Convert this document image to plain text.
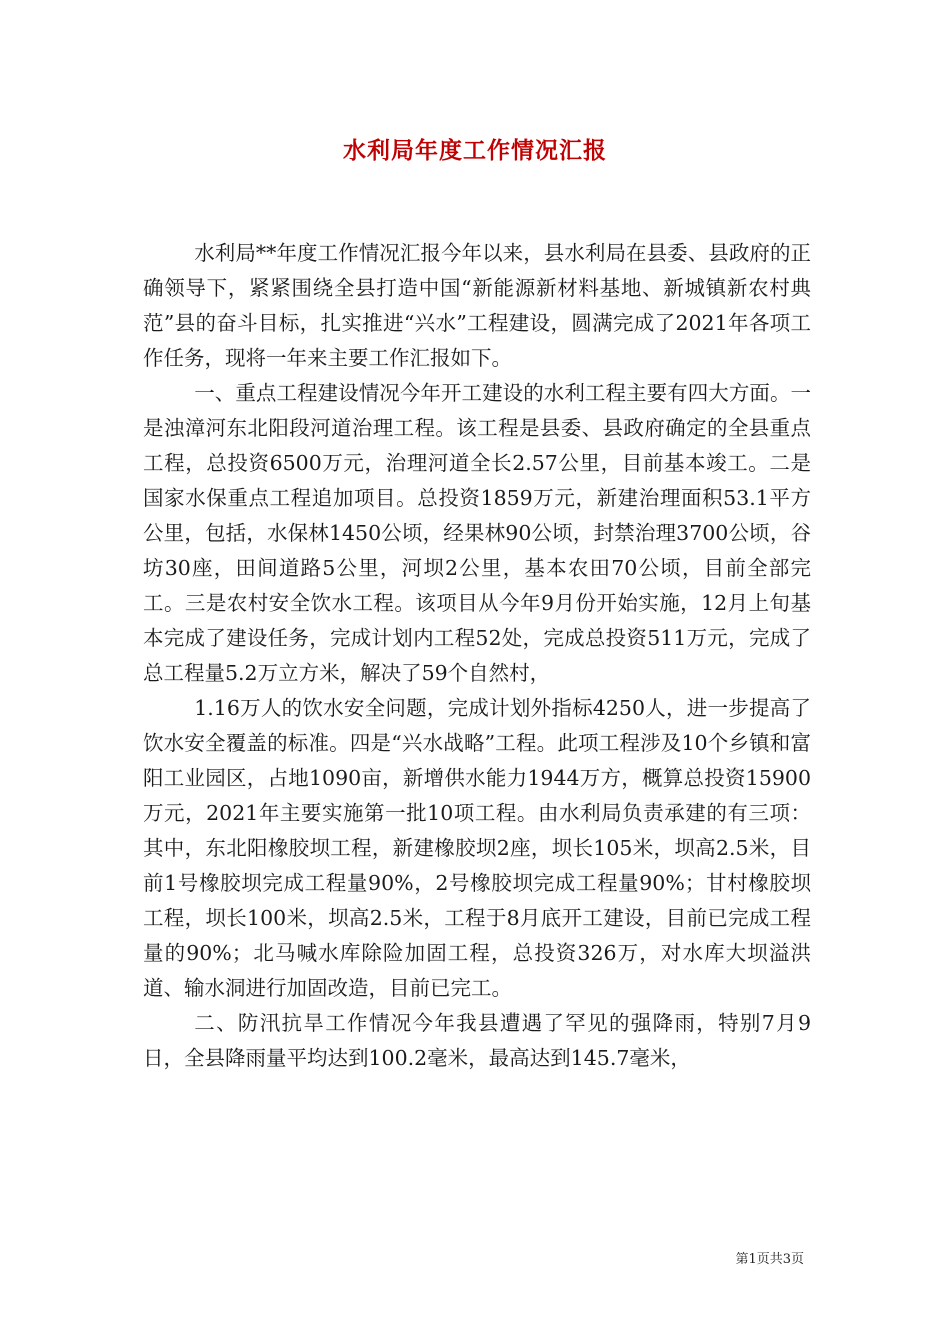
水利局年度工作情况汇报

水利局**年度工作情况汇报今年以来，县水利局在县委、县政府的正确领导下，紧紧围绕全县打造中国“新能源新材料基地、新城镇新农村典范”县的奋斗目标，扎实推进“兴水”工程建设，圆满完成了2021年各项工作任务，现将一年来主要工作汇报如下。

一、重点工程建设情况今年开工建设的水利工程主要有四大方面。一是浊漳河东北阳段河道治理工程。该工程是县委、县政府确定的全县重点工程，总投资6500万元，治理河道全长2.57公里，目前基本竣工。二是国家水保重点工程追加项目。总投资1859万元，新建治理面积53.1平方公里，包括，水保林1450公顷，经果林90公顷，封禁治理3700公顷，谷坊30座，田间道路5公里，河坝2公里，基本农田70公顷，目前全部完工。三是农村安全饮水工程。该项目从今年9月份开始实施，12月上旬基本完成了建设任务，完成计划内工程52处，完成总投资511万元，完成了总工程量5.2万立方米，解决了59个自然村，

1.16万人的饮水安全问题，完成计划外指标4250人，进一步提高了饮水安全覆盖的标准。四是“兴水战略”工程。此项工程涉及10个乡镇和富阳工业园区，占地1090亩，新增供水能力1944万方，概算总投资15900万元，2021年主要实施第一批10项工程。由水利局负责承建的有三项：其中，东北阳橡胶坝工程，新建橡胶坝2座，坝长105米，坝高2.5米，目前1号橡胶坝完成工程量90%，2号橡胶坝完成工程量90%；甘村橡胶坝工程，坝长100米，坝高2.5米，工程于8月底开工建设，目前已完成工程量的90%；北马喊水库除险加固工程，总投资326万，对水库大坝溢洪道、输水洞进行加固改造，目前已完工。

二、防汛抗旱工作情况今年我县遭遇了罕见的强降雨，特别7月9日，全县降雨量平均达到100.2毫米，最高达到145.7毫米，

第1页共3页
